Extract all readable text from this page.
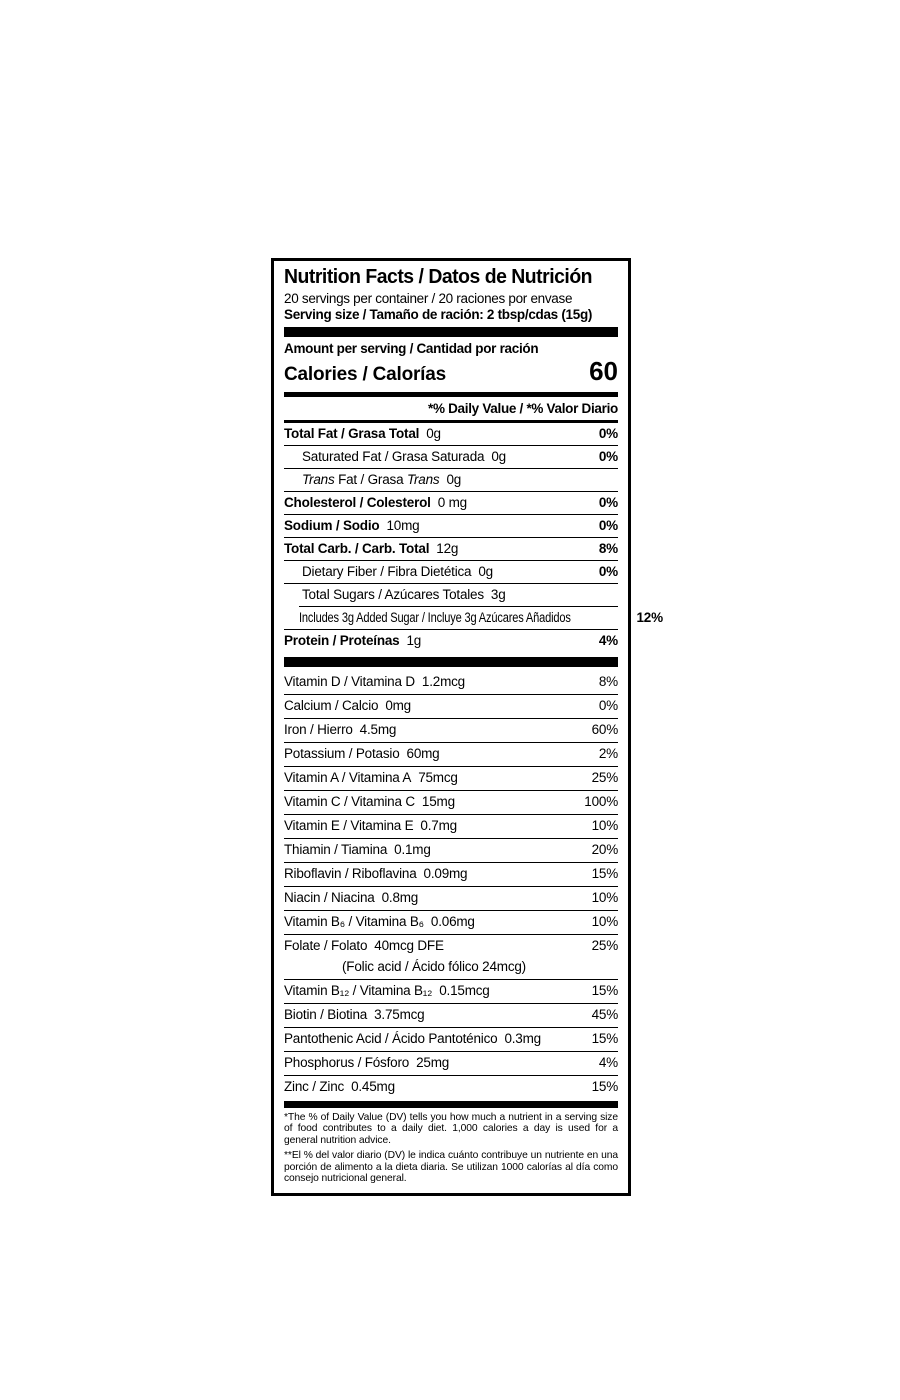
Nutrition Facts / Datos de Nutrición
20 servings per container / 20 raciones por envase
Serving size / Tamaño de ración: 2 tbsp/cdas (15g)
Amount per serving / Cantidad por ración
Calories / Calorías	60
*% Daily Value / *% Valor Diario
Total Fat / Grasa Total 0g	0%
Saturated Fat / Grasa Saturada 0g	0%
Trans Fat / Grasa Trans 0g
Cholesterol / Colesterol 0 mg	0%
Sodium / Sodio 10mg	0%
Total Carb. / Carb. Total 12g	8%
Dietary Fiber / Fibra Dietética 0g	0%
Total Sugars / Azúcares Totales 3g
Includes 3g Added Sugar / Incluye 3g Azúcares Añadidos	12%
Protein / Proteínas 1g	4%
Vitamin D / Vitamina D 1.2mcg	8%
Calcium / Calcio 0mg	0%
Iron / Hierro 4.5mg	60%
Potassium / Potasio 60mg	2%
Vitamin A / Vitamina A 75mcg	25%
Vitamin C / Vitamina C 15mg	100%
Vitamin E / Vitamina E 0.7mg	10%
Thiamin / Tiamina 0.1mg	20%
Riboflavin / Riboflavina 0.09mg	15%
Niacin / Niacina 0.8mg	10%
Vitamin B₆ / Vitamina B₆ 0.06mg	10%
Folate / Folato 40mcg DFE	25%
(Folic acid / Ácido fólico 24mcg)
Vitamin B₁₂ / Vitamina B₁₂ 0.15mcg	15%
Biotin / Biotina 3.75mcg	45%
Pantothenic Acid / Ácido Pantoténico 0.3mg	15%
Phosphorus / Fósforo 25mg	4%
Zinc / Zinc 0.45mg	15%

*The % of Daily Value (DV) tells you how much a nutrient in a serving size of food contributes to a daily diet. 1,000 calories a day is used for a general nutrition advice.

**El % del valor diario (DV) le indica cuánto contribuye un nutriente en una porción de alimento a la dieta diaria. Se utilizan 1000 calorías al día como consejo nutricional general.
